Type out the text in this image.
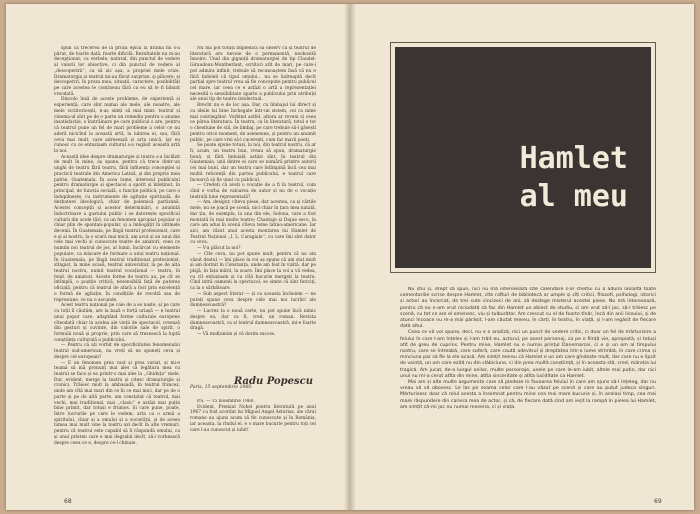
spun că trecerea de la proza epică la dramă mi s-a părut, de foarte dată, foarte dificilă. Rezultatele nu m-au decepționat; cu verbele, natural, din punctul de vedere al valorii lor obiective, ci din punctul de vedere al „descoperirii”, ca să zic așa, a propriei mele crize. Dramaturgia și teatrul mi-au făcut surprize, și plăcere, și descoperiri, în proza mea, situații, caractere, posibilități pe care acestea le conțineau fără ca eu să le fi bănuit vreodată.

Dincolo însă de aceste probleme, de experiență și experiență, care sînt numai ale mele, ale noastre, ale mele scriitoricești, n-aș simți să mai mint: teatrul și cinema-ul sînt pe de o parte un remediu pentru o anume insatisfacție, o înstrăinare pe care publicul o are, pentru că teatrul pune un fel de mari probleme a celor ce nu aderă nicicînd la această artă, la iubirea ei, sau, fără ceva mai mult, care adresează și arta unică, iar eu cunosc cu ce entuziasm cultural s-a regăsit această artă la noi.

Această idee despre dramaturgie și teatru s-a încălzit de mult în mine, aș spune, pentru că trece dintr-un unghi de teatru fără teatru, fără influența concepției și practicii teatrale din America Latină, și din proprie mea patrie, Guatemala. În acea lume, interesul publicului pentru dramaturgie și spectacol a sporit și înteținut, în principal, de funcția socială, o funcție politică, pe care o îndeplinește, cu instrumente de agitație spirituală, de dezbatere ideologică, chiar de polemică partizană. Acestei concepții și acestor determinări, o anumită îndoctrinare a gustului public i se datorește specificul culturii din acele țări, ca un fenomen apropiat popular și chiar plin de spontan-popular, și a îmbogățit în ultimele decenii. În Guatemala, pe lîngă teatrul profesionist, care e și al nostru, la o scară mai mică, am avut și au unul din cele mai vechi și cunoscute teatre de amatori, ceea ce numim noi teatrul de jos, al lumii, încărcat cu elemente populare, ca mișcare de formare a unui teatru național. În Guatemala, pe lîngă teatrul tradițional profesionist, stîngist, la mine acasă, teatrul universitar, la pe de alta teatrul nostru, numit teatrul vocațional — teatru, în fond, de amatori. Aceste forme de teatru au, pe cît se întîmplă, o poziție critică, nesensibilă față de puterea oficială, pentru că teatrul de afară a fost prin excelență o formă de agitație, în condițiile de revoltă sau de represiune, ce nu o ascunde.

Acest teatru național pe cale de a se naște, și pe care cu toții îl căutăm, are la bază o forță uriașă — e teatrul unui popor care, adaptând forme culturale europene cîteodată chiar la acelea ale vieții de spectacol, creează din gesturi și cuvinte, din valorile sale de spirit, o formulă nouă și proprie, prin care să trezească la luptă conștiința culturală a publicului.

— Pentru că ați vorbit de specificitatea fenomenului teatral sud-american, nu vreți să ne spuneți ceva și despre cel european?

— E un fenomen prea vast și prea variat, și mi-e teamă să mă pronunț mai ales că legătura mea cu teatrul se face și ea printr-o mai ales la ,,Ghiduța'' mele. Dar, evident, merge la teatru și citesc dramaturgie și cronici. Trăiesc mult la ambasadă, în teatrul francez, unde am cîtă mai mari din ce în ce mai mici, dar pe de o parte și pe de altă parte, am constatat că teatrul, mai vechi, mai tradițional, mai ,,clasic'' e astăzi mai puțin bine primit, dar totuși e frumos. Și care pune, poate, între lucrurile pe care le vedem, arta ca o armă a spiritului, chiar și a omului și a societății, și de aceea lumea mai mult vine la teatru azi decît în alte vremuri, pentru că teatrul este capabil să îi răspundă omului, ca și unui prieten care e mai degrabă decît, să-i vorbească despre ceea ce e, despre ce-l chinuie.

Nu mă pot totuși împiedica să observ că și teatrul de literatură are nevoie de o permanentă, neobosită înnoire. Unul din giganții dramaturgiei de tip Claudel-Giraudoux-Montherlant, scriitori atît de mari, pe care-i pot admira infinit, trebuie să recunoaștem însă că nu e fără îndoieli că tipul omului... nu se îndreaptă decît parțial spre teatrul vrea să fie concepute pentru publicul cel mare, iar ceea ce e astăzi o artă a reprezentației necesită o sensibilitate aparte a publicului prin atribuții ale unui tip de teatru intelectual.

Brecht nu e de loc așa. Dar, cu limbajul lui direct și cu ideile lui bine închegate într-un sistem, cei ca mine mai convingător. Vorbind astfel, altora ar reveni și ceea ce părea literatura. În teatru, ca în literatură, totul e tot o chestiune de stil, de limbaj, pe care trebuie să-l găsești pentru orice moment, de asemenea, și pentru un anumit public, pe care vrei să-l cucerești, cum fac marii poeți.

Se poate spune totuși, la noi, din teatrul nostru, că ar fi, acum, un teatru bun, vreau să spun, dramaturgie bună, și fără îndoială astăzi sînt, în teatrul din Guatemala, unii dintre ei care se numără printre autorii cei mai buni, dar un teatru care întîmpină încă cea mai multă reticență din partea publicului, e teatrul care încearcă să fie unul cu publicul.

— Credeți că aveți o vocație de a fi în teatrul, cum cînd e vorba de valoarea de autor și nu de o vocație teatrală bine reprezentată?

— Am, desigur, cîteva piese, dar acestea, ca și cărțile mele, nu se joacă pe scenă, nici chiar în țara mea natală, dar țin, de exemplu, la una din ele, Soluna, care a fost montată în mai multe teatre; Chantaje și Dique seco, în care am adus în scenă cîteva teme latino-americane. Iar aici, am văzut anul acesta montarea lui Hamlet de Teatrul Național ,,I. L. Caragiale'', cu care îmi sînt dator cu ceva.

— V-a plăcut la noi?

— Cîte ceva, nu pot spune mult, pentru că nu am văzut destul — îmi place la voi aș spune că am stat mult și am dormit în Constanța, unde am fost în vizită, dar pe plajă, în fața mării, la soare. Îmi place la voi a vă vedea, cu cît entuziasm și cu cîtă bucurie mergeți la teatru. Cînd intră oamenii la spectacol, se simte că sînt fericiți, ca la o sărbătoare.

— Sub aspect literar — și cu aceasta încheiem — ne puteți spune ceva despre cele mai noi lucrări ale dumneavoastră?

— Lucrez la o nouă carte, nu pot spune încă nimic despre ea, dar va fi, cred, un roman. Revista dumneavoastră, ca și teatrul dumneavoastră, mi-e foarte dragă.

— Vă mulțumim și vă dorim succes.

Radu Popescu
Paris, 15 septembrie 1960.

P.S. — 15 noiembrie 1960.

Evident, Premiul Nobel pentru literatură pe anul 1967 i-a fost acordat lui Miguel Angel Asturias, ale cărui romane au ajuns acum să fie cunoscute și în România, iar aceasta, la rîndul ei, e o mare bucurie pentru toți cei care l-au cunoscut și iubit!

68
Hamlet
al meu

Nu știu și, drept să spun, nici nu mă interesează cîte calendare s-ar cheltui cu a aduna laolaltă toate comentariile scrise despre Hamlet, cîte rafturi de bibliotecă ar umple și cîți critici, filozofi, psihologi, istorici și actori au încercat, de trei sute cincizeci de ani, să dezlege misterul acestei piese. Nu mă interesează, pentru că eu n-am vrut niciodată să fac din Hamlet un obiect de studiu, ci am vrut să-l joc, să-l trăiesc pe scenă, cu tot ce are el omenesc, viu și tulburător. Am crescut cu el de foarte tînăr, încă din anii liceului, și de atunci încoace nu m-a mai părăsit, l-am căutat mereu, în cărți, în teatru, în viață, și l-am regăsit de fiecare dată altul.

Ceea ce vă voi spune, deci, nu e o analiză, nici un punct de vedere critic, ci doar un fel de mărturisire a felului în care l-am înțeles și l-am trăit eu, actorul, pe acest personaj, ca pe o ființă vie, apropiată, și totuși atît de greu de cuprins. Pentru mine, Hamlet nu e numai prințul Danemarcei, ci e și un om al timpului nostru, care se întreabă, care suferă, care caută adevărul și dreptatea într-o lume strîmbă, în care crima și minciuna par să fie la ele acasă. Am simțit mereu că Hamlet e un om care gîndește mult, dar care nu e lipsit de voință, un om care ezită nu din slăbiciune, ci din prea multă conștiință, și în aceasta stă, cred, măreția lui tragică. Am jucat, de-a lungul anilor, multe personaje, unele pe care le-am iubit, altele mai puțin, dar nici unul nu mi-a cerut atîta din mine, atîta sinceritate și atîta luciditate ca Hamlet.

Mai am și alte multe argumente care să pledeze în favoarea felului în care am ajuns să-l înțeleg, dar nu vreau să vă obosesc. Le las pe seama celor care l-au văzut pe scenă și care au putut judeca singuri. Mărturisesc doar că rolul acesta a însemnat pentru mine cea mai mare bucurie și, în același timp, cea mai mare răspundere din cariera mea de actor, și că, de fiecare dată cînd am ieșit la rampă în pielea lui Hamlet, am simțit că-mi joc nu numai meseria, ci și viața.

69
